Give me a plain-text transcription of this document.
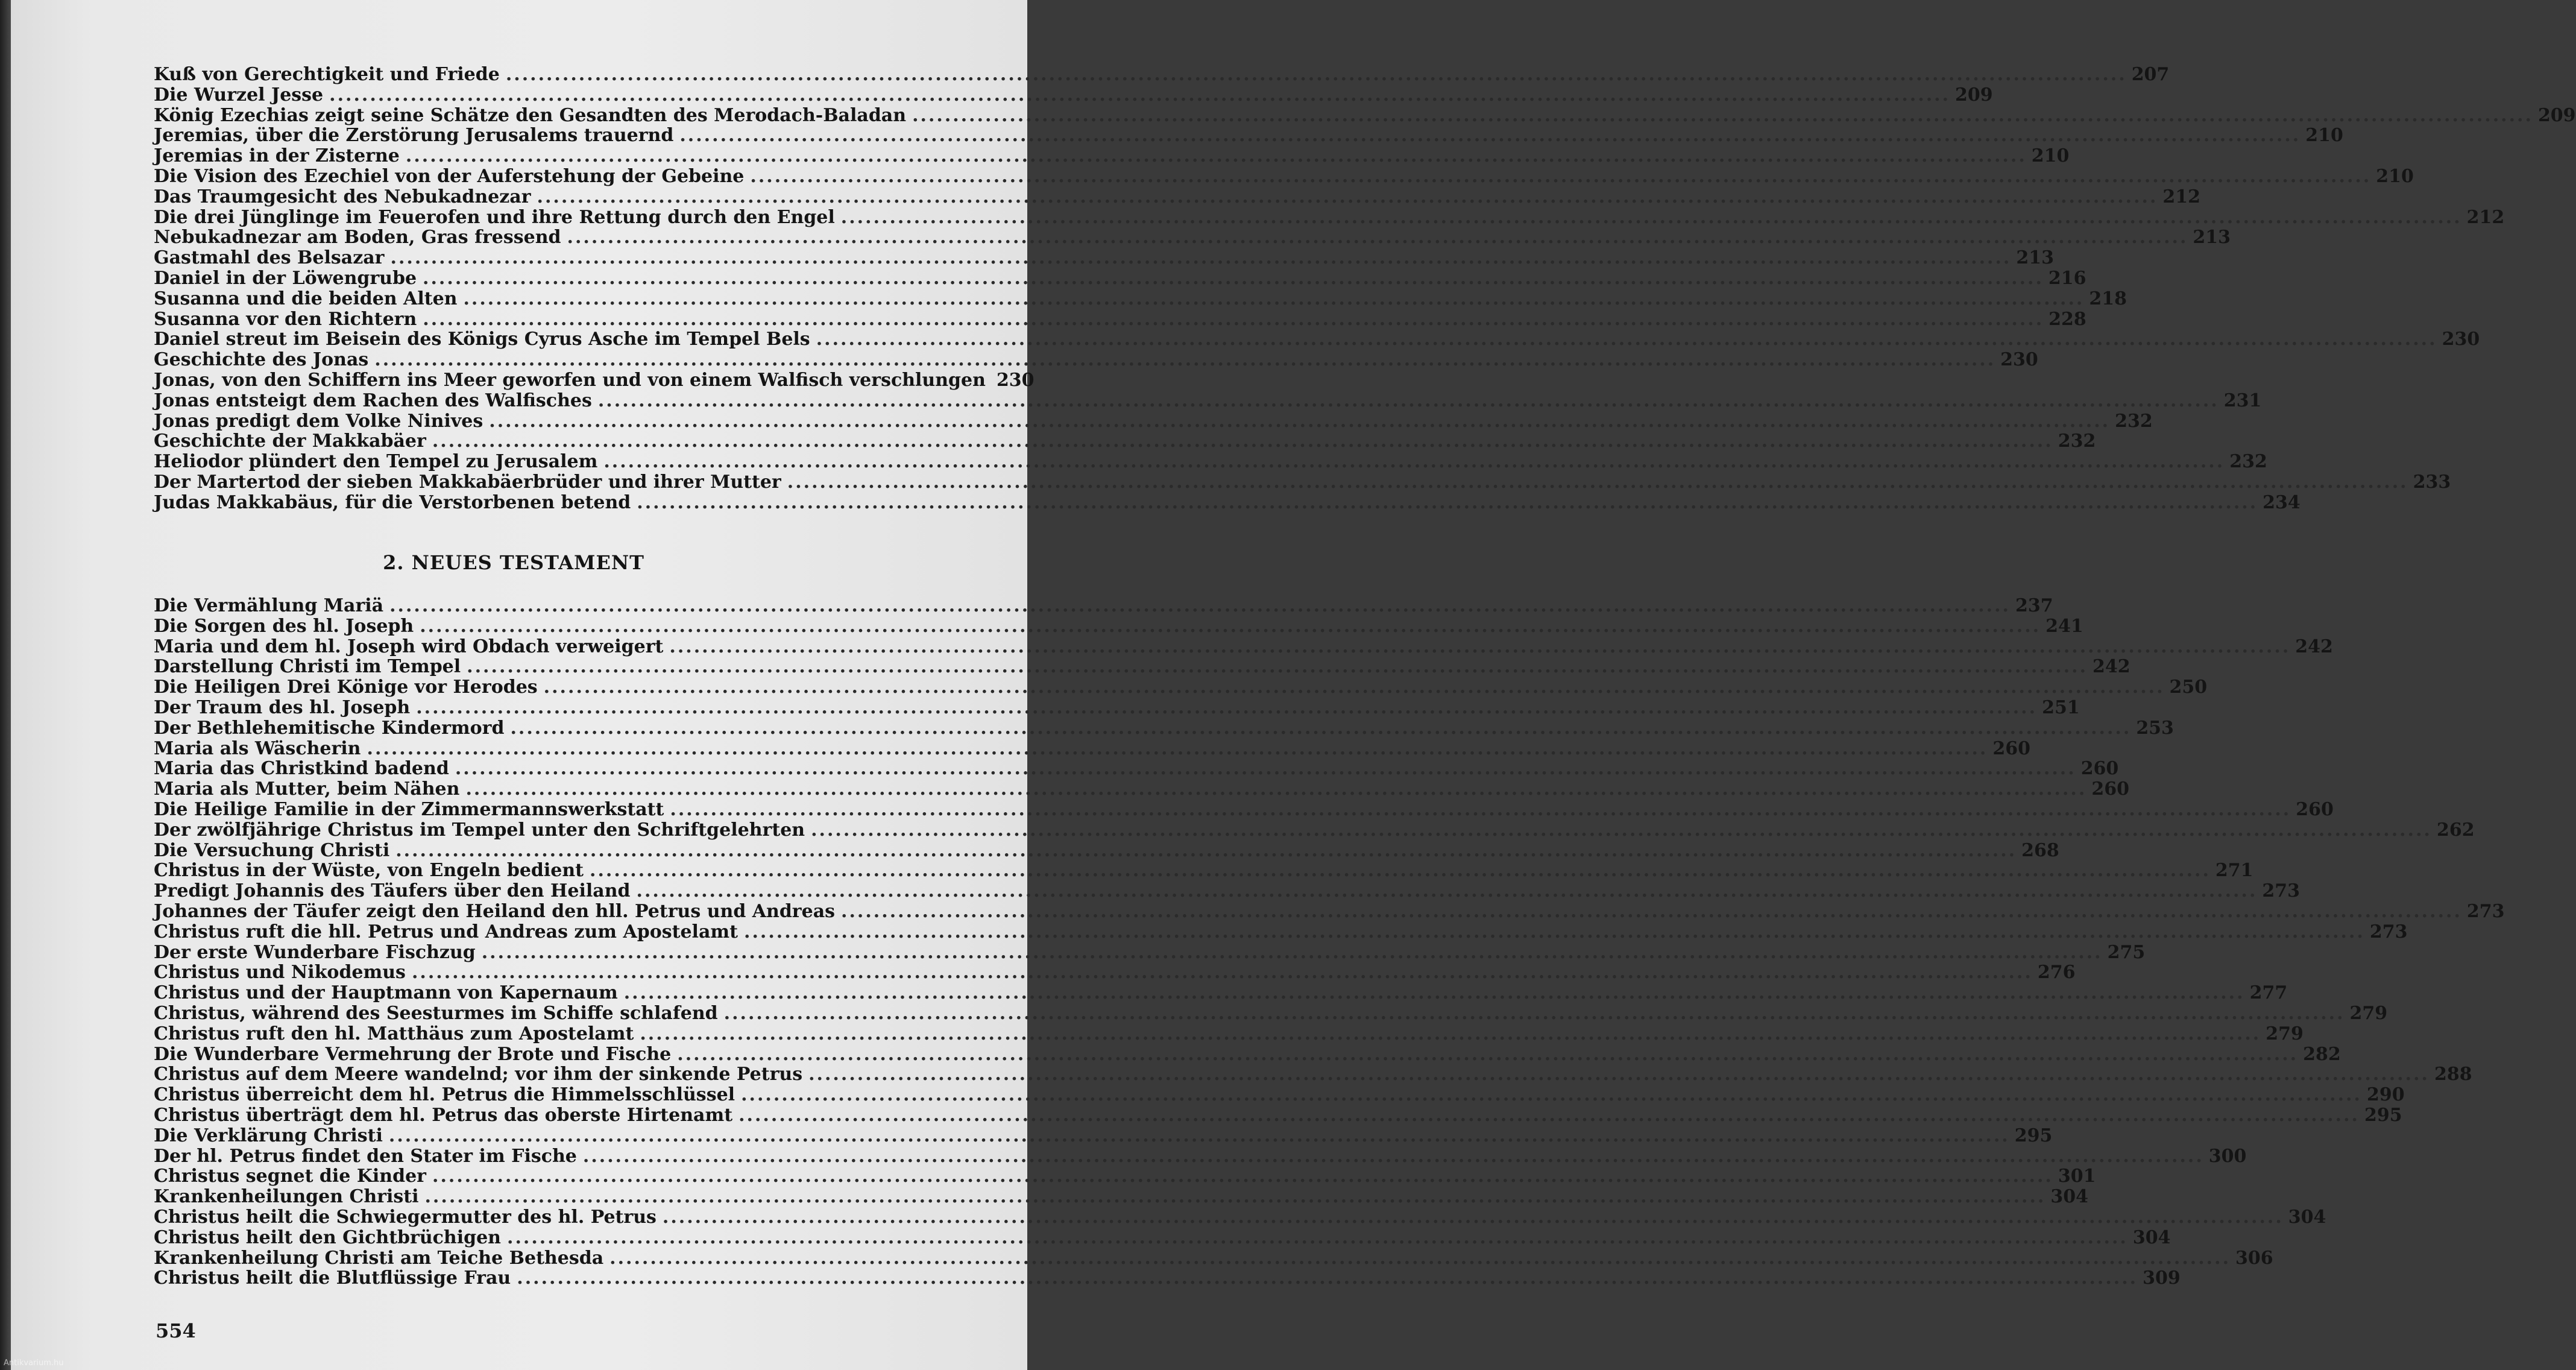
Kuß von Gerechtigkeit und Friede ........................................................................................................................................................................................................ 207
Die Wurzel Jesse ........................................................................................................................................................................................................ 209
König Ezechias zeigt seine Schätze den Gesandten des Merodach-Baladan ........................................................................................................................................................................................................ 209
Jeremias, über die Zerstörung Jerusalems trauernd ........................................................................................................................................................................................................ 210
Jeremias in der Zisterne ........................................................................................................................................................................................................ 210
Die Vision des Ezechiel von der Auferstehung der Gebeine ........................................................................................................................................................................................................ 210
Das Traumgesicht des Nebukadnezar ........................................................................................................................................................................................................ 212
Die drei Jünglinge im Feuerofen und ihre Rettung durch den Engel ........................................................................................................................................................................................................ 212
Nebukadnezar am Boden, Gras fressend ........................................................................................................................................................................................................ 213
Gastmahl des Belsazar ........................................................................................................................................................................................................ 213
Daniel in der Löwengrube ........................................................................................................................................................................................................ 216
Susanna und die beiden Alten ........................................................................................................................................................................................................ 218
Susanna vor den Richtern ........................................................................................................................................................................................................ 228
Daniel streut im Beisein des Königs Cyrus Asche im Tempel Bels ........................................................................................................................................................................................................ 230
Geschichte des Jonas ........................................................................................................................................................................................................ 230
Jonas, von den Schiffern ins Meer geworfen und von einem Walfisch verschlungen 230
Jonas entsteigt dem Rachen des Walfisches ........................................................................................................................................................................................................ 231
Jonas predigt dem Volke Ninives ........................................................................................................................................................................................................ 232
Geschichte der Makkabäer ........................................................................................................................................................................................................ 232
Heliodor plündert den Tempel zu Jerusalem ........................................................................................................................................................................................................ 232
Der Martertod der sieben Makkabäerbrüder und ihrer Mutter ........................................................................................................................................................................................................ 233
Judas Makkabäus, für die Verstorbenen betend ........................................................................................................................................................................................................ 234
2. NEUES TESTAMENT
Die Vermählung Mariä ........................................................................................................................................................................................................ 237
Die Sorgen des hl. Joseph ........................................................................................................................................................................................................ 241
Maria und dem hl. Joseph wird Obdach verweigert ........................................................................................................................................................................................................ 242
Darstellung Christi im Tempel ........................................................................................................................................................................................................ 242
Die Heiligen Drei Könige vor Herodes ........................................................................................................................................................................................................ 250
Der Traum des hl. Joseph ........................................................................................................................................................................................................ 251
Der Bethlehemitische Kindermord ........................................................................................................................................................................................................ 253
Maria als Wäscherin ........................................................................................................................................................................................................ 260
Maria das Christkind badend ........................................................................................................................................................................................................ 260
Maria als Mutter, beim Nähen ........................................................................................................................................................................................................ 260
Die Heilige Familie in der Zimmermannswerkstatt ........................................................................................................................................................................................................ 260
Der zwölfjährige Christus im Tempel unter den Schriftgelehrten ........................................................................................................................................................................................................ 262
Die Versuchung Christi ........................................................................................................................................................................................................ 268
Christus in der Wüste, von Engeln bedient ........................................................................................................................................................................................................ 271
Predigt Johannis des Täufers über den Heiland ........................................................................................................................................................................................................ 273
Johannes der Täufer zeigt den Heiland den hll. Petrus und Andreas ........................................................................................................................................................................................................ 273
Christus ruft die hll. Petrus und Andreas zum Apostelamt ........................................................................................................................................................................................................ 273
Der erste Wunderbare Fischzug ........................................................................................................................................................................................................ 275
Christus und Nikodemus ........................................................................................................................................................................................................ 276
Christus und der Hauptmann von Kapernaum ........................................................................................................................................................................................................ 277
Christus, während des Seesturmes im Schiffe schlafend ........................................................................................................................................................................................................ 279
Christus ruft den hl. Matthäus zum Apostelamt ........................................................................................................................................................................................................ 279
Die Wunderbare Vermehrung der Brote und Fische ........................................................................................................................................................................................................ 282
Christus auf dem Meere wandelnd; vor ihm der sinkende Petrus ........................................................................................................................................................................................................ 288
Christus überreicht dem hl. Petrus die Himmelsschlüssel ........................................................................................................................................................................................................ 290
Christus überträgt dem hl. Petrus das oberste Hirtenamt ........................................................................................................................................................................................................ 295
Die Verklärung Christi ........................................................................................................................................................................................................ 295
Der hl. Petrus findet den Stater im Fische ........................................................................................................................................................................................................ 300
Christus segnet die Kinder ........................................................................................................................................................................................................ 301
Krankenheilungen Christi ........................................................................................................................................................................................................ 304
Christus heilt die Schwiegermutter des hl. Petrus ........................................................................................................................................................................................................ 304
Christus heilt den Gichtbrüchigen ........................................................................................................................................................................................................ 304
Krankenheilung Christi am Teiche Bethesda ........................................................................................................................................................................................................ 306
Christus heilt die Blutflüssige Frau ........................................................................................................................................................................................................ 309
554
Antikvarium.hu
